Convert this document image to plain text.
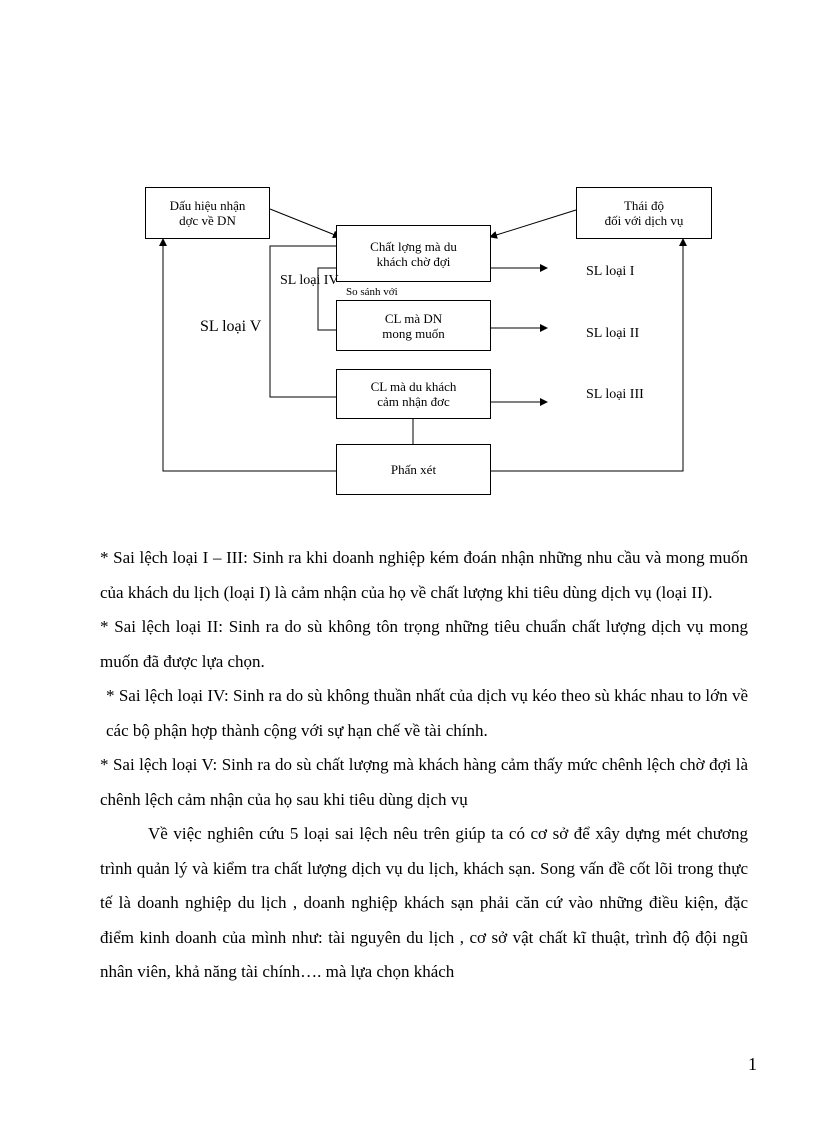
Dấu hiệu nhận
dợc về DN
Thái độ
đối với dịch vụ
Chất lợng mà du
khách chờ đợi
CL mà DN
mong muốn
CL mà du khách
cảm nhận đơc
Phấn xét
So sánh với
SL loại IV
SL loại V
SL loại I
SL loại II
SL loại III

* Sai lệch loại I – III: Sinh ra khi doanh nghiệp kém đoán nhận những nhu cầu và mong muốn của khách du lịch (loại I) là cảm nhận của họ về chất lượng khi tiêu dùng dịch vụ (loại II).

* Sai lệch loại II: Sinh ra do sù không tôn trọng những tiêu chuẩn chất lượng dịch vụ mong muốn đã được lựa chọn.

* Sai lệch loại IV: Sinh ra do sù không thuần nhất của dịch vụ kéo theo sù khác nhau to lớn về các bộ phận hợp thành cộng với sự hạn chế về tài chính.

* Sai lệch loại V: Sinh ra do sù chất lượng mà khách hàng cảm thấy mức chênh lệch chờ đợi là chênh lệch cảm nhận của họ sau khi tiêu dùng dịch vụ

Về việc nghiên cứu 5 loại sai lệch nêu trên giúp ta có cơ sở để xây dựng mét chương trình quản lý và kiểm tra chất lượng dịch vụ du lịch, khách sạn. Song vấn đề cốt lõi trong thực tế là doanh nghiệp du lịch , doanh nghiệp khách sạn phải căn cứ vào những điều kiện, đặc điểm kinh doanh của mình như: tài nguyên du lịch , cơ sở vật chất kĩ thuật, trình độ đội ngũ nhân viên, khả năng tài chính…. mà lựa chọn khách

1
